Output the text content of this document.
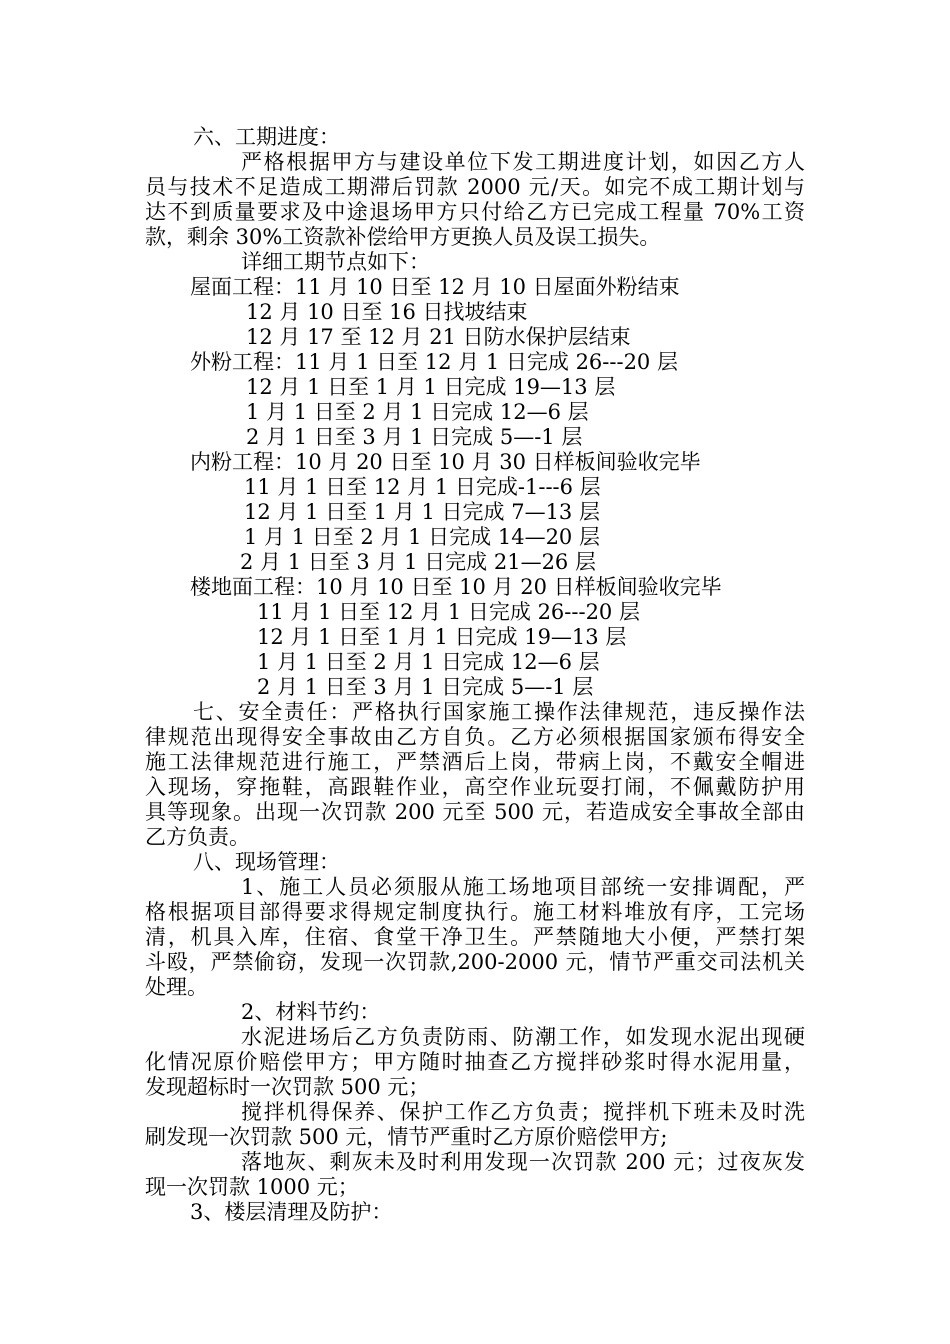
六、工期进度：
严格根据甲方与建设单位下发工期进度计划，如因乙方人
员与技术不足造成工期滞后罚款 2000 元/天。如完不成工期计划与
达不到质量要求及中途退场甲方只付给乙方已完成工程量 70%工资
款，剩余 30%工资款补偿给甲方更换人员及误工损失。
详细工期节点如下：
屋面工程：11 月 10 日至 12 月 10 日屋面外粉结束
12 月 10 日至 16 日找坡结束
12 月 17 至 12 月 21 日防水保护层结束
外粉工程：11 月 1 日至 12 月 1 日完成 26---20 层
12 月 1 日至 1 月 1 日完成 19—13 层
1 月 1 日至 2 月 1 日完成 12—6 层
2 月 1 日至 3 月 1 日完成 5—-1 层
内粉工程：10 月 20 日至 10 月 30 日样板间验收完毕
11 月 1 日至 12 月 1 日完成-1---6 层
12 月 1 日至 1 月 1 日完成 7—13 层
1 月 1 日至 2 月 1 日完成 14—20 层
2 月 1 日至 3 月 1 日完成 21—26 层
楼地面工程：10 月 10 日至 10 月 20 日样板间验收完毕
11 月 1 日至 12 月 1 日完成 26---20 层
12 月 1 日至 1 月 1 日完成 19—13 层
1 月 1 日至 2 月 1 日完成 12—6 层
2 月 1 日至 3 月 1 日完成 5—-1 层
七、安全责任：严格执行国家施工操作法律规范，违反操作法
律规范出现得安全事故由乙方自负。乙方必须根据国家颁布得安全
施工法律规范进行施工，严禁酒后上岗，带病上岗，不戴安全帽进
入现场，穿拖鞋，高跟鞋作业，高空作业玩耍打闹，不佩戴防护用
具等现象。出现一次罚款 200 元至 500 元，若造成安全事故全部由
乙方负责。
八、现场管理：
1、施工人员必须服从施工场地项目部统一安排调配，严
格根据项目部得要求得规定制度执行。施工材料堆放有序，工完场
清，机具入库，住宿、食堂干净卫生。严禁随地大小便，严禁打架
斗殴，严禁偷窃，发现一次罚款,200-2000 元，情节严重交司法机关
处理。
2、材料节约：
水泥进场后乙方负责防雨、防潮工作，如发现水泥出现硬
化情况原价赔偿甲方；甲方随时抽查乙方搅拌砂浆时得水泥用量，
发现超标时一次罚款 500 元；
搅拌机得保养、保护工作乙方负责；搅拌机下班未及时洗
刷发现一次罚款 500 元，情节严重时乙方原价赔偿甲方;
落地灰、剩灰未及时利用发现一次罚款 200 元；过夜灰发
现一次罚款 1000 元；
3、楼层清理及防护：
